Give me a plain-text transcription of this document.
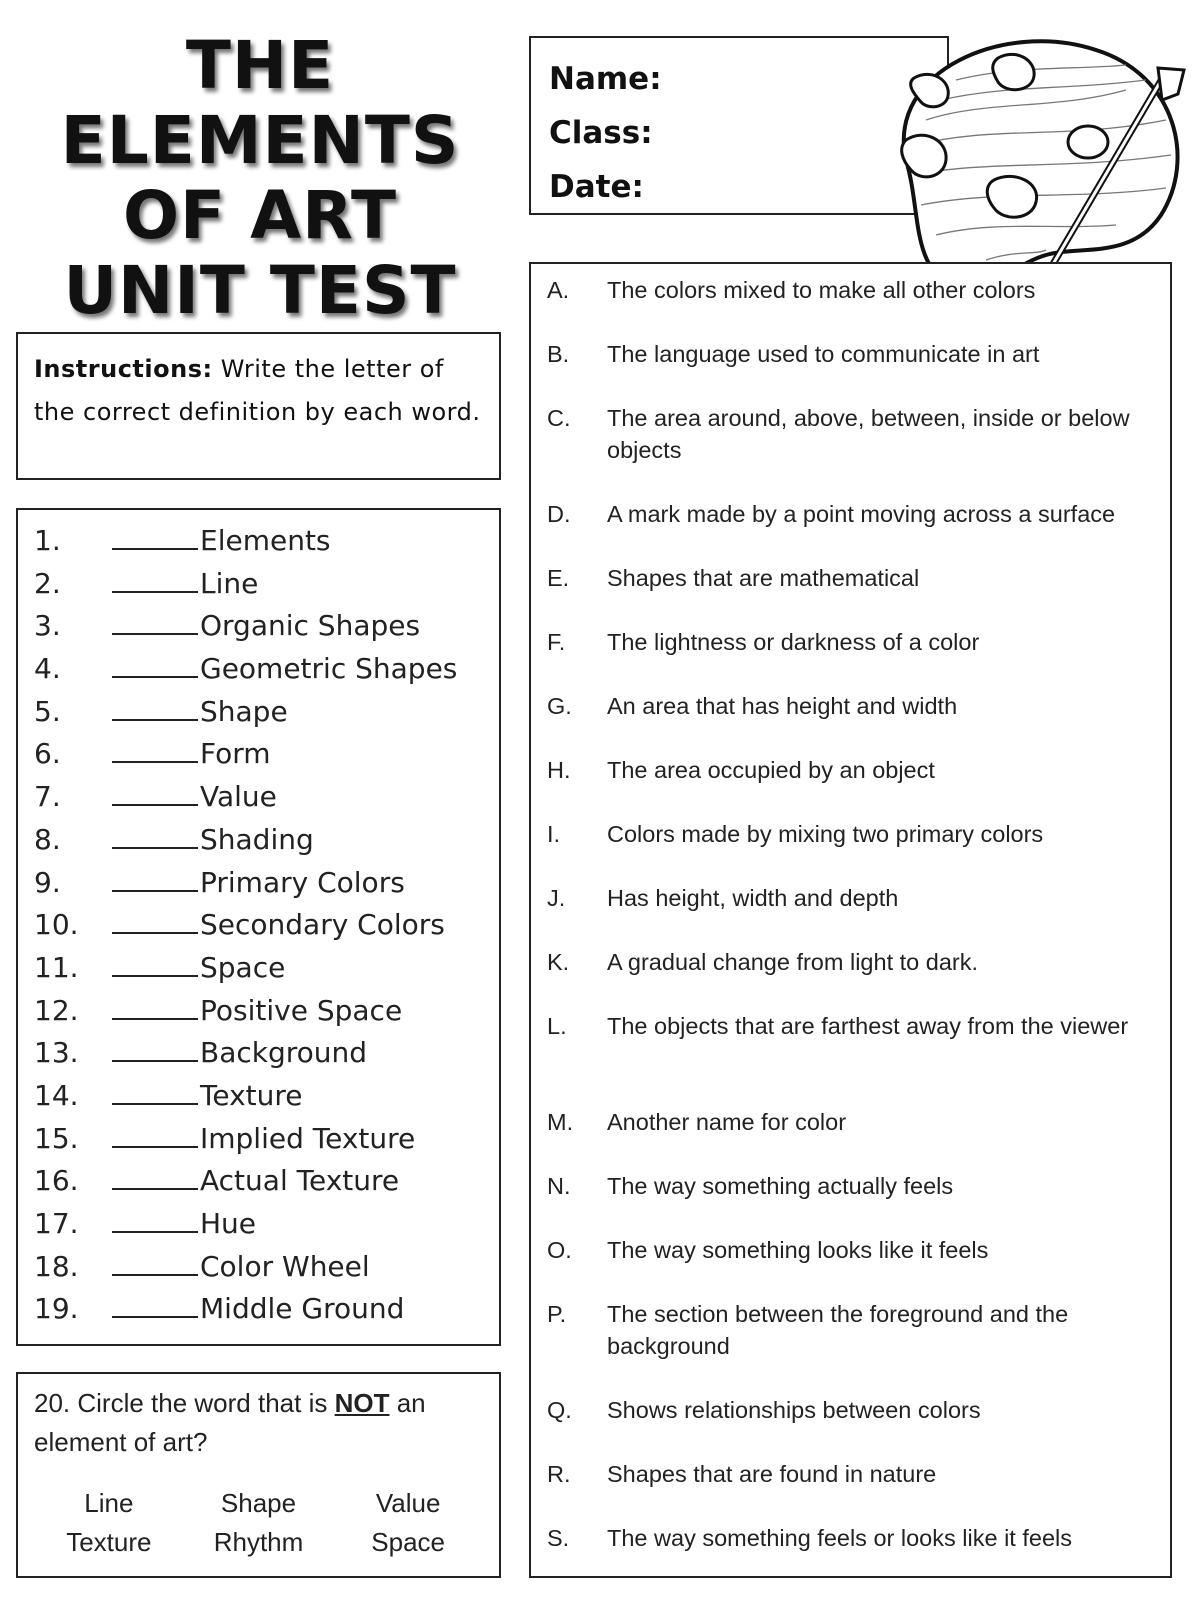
THE
ELEMENTS
OF ART
UNIT TEST
Name:
Class:
Date:
Instructions: Write the letter of the correct definition by each word.
1.	Elements
2.	Line
3.	Organic Shapes
4.	Geometric Shapes
5.	Shape
6.	Form
7.	Value
8.	Shading
9.	Primary Colors
10.	Secondary Colors
11.	Space
12.	Positive Space
13.	Background
14.	Texture
15.	Implied Texture
16.	Actual Texture
17.	Hue
18.	Color Wheel
19.	Middle Ground
20. Circle the word that is NOT an element of art?
Line	Shape	Value
Texture	Rhythm	Space
A.	The colors mixed to make all other colors
B.	The language used to communicate in art
C.	The area around, above, between, inside or below objects
D.	A mark made by a point moving across a surface
E.	Shapes that are mathematical
F.	The lightness or darkness of a color
G.	An area that has height and width
H.	The area occupied by an object
I.	Colors made by mixing two primary colors
J.	Has height, width and depth
K.	A gradual change from light to dark.
L.	The objects that are farthest away from the viewer
M.	Another name for color
N.	The way something actually feels
O.	The way something looks like it feels
P.	The section between the foreground and the background
Q.	Shows relationships between colors
R.	Shapes that are found in nature
S.	The way something feels or looks like it feels
